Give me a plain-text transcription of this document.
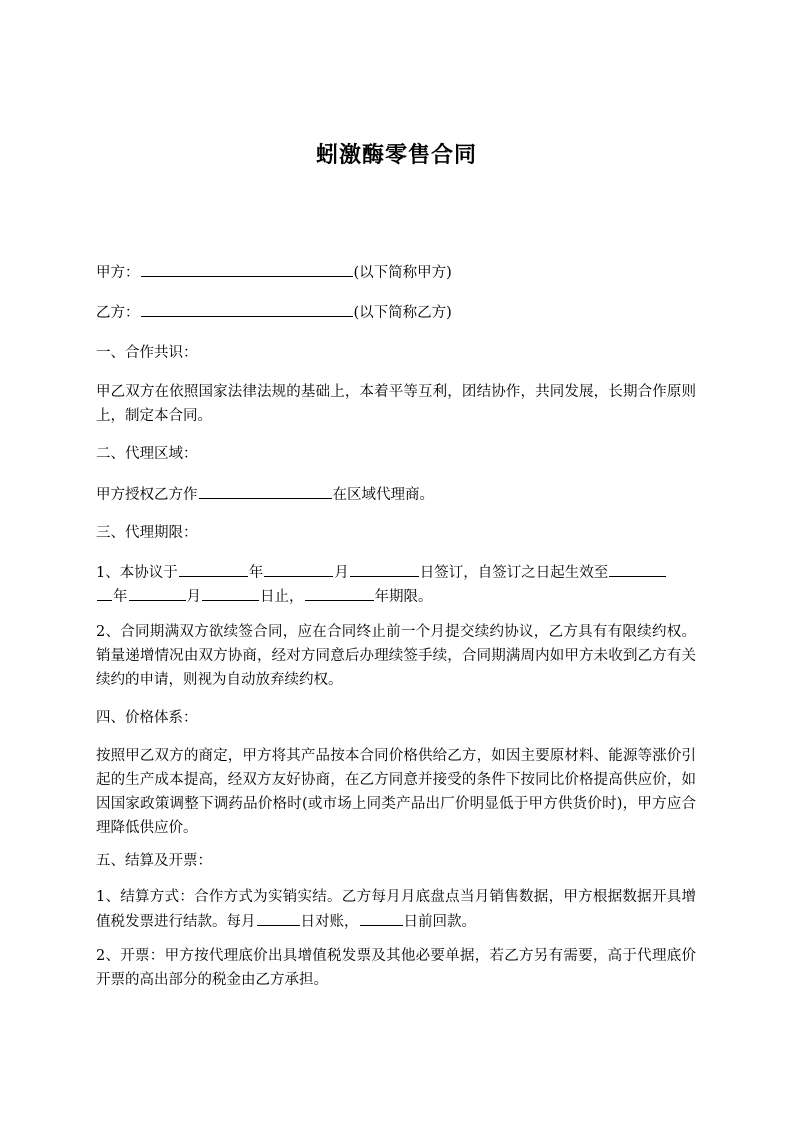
蚓激酶零售合同
甲方：	(以下简称甲方)
乙方：	(以下简称乙方)
一、合作共识：
甲乙双方在依照国家法律法规的基础上，本着平等互利，团结协作，共同发展，长期合作原则上，制定本合同。
二、代理区域：
甲方授权乙方作	在区域代理商。
三、代理期限：
1、本协议于	年	月	日签订，自签订之日起生效至
年	月	日止，	年期限。
2、合同期满双方欲续签合同，应在合同终止前一个月提交续约协议，乙方具有有限续约权。销量递增情况由双方协商，经对方同意后办理续签手续，合同期满周内如甲方未收到乙方有关续约的申请，则视为自动放弃续约权。
四、价格体系：
按照甲乙双方的商定，甲方将其产品按本合同价格供给乙方，如因主要原材料、能源等涨价引起的生产成本提高，经双方友好协商，在乙方同意并接受的条件下按同比价格提高供应价，如因国家政策调整下调药品价格时(或市场上同类产品出厂价明显低于甲方供货价时)，甲方应合理降低供应价。
五、结算及开票：
1、结算方式：合作方式为实销实结。乙方每月月底盘点当月销售数据，甲方根据数据开具增值税发票进行结款。每月	日对账，	日前回款。
2、开票：甲方按代理底价出具增值税发票及其他必要单据，若乙方另有需要，高于代理底价开票的高出部分的税金由乙方承担。
